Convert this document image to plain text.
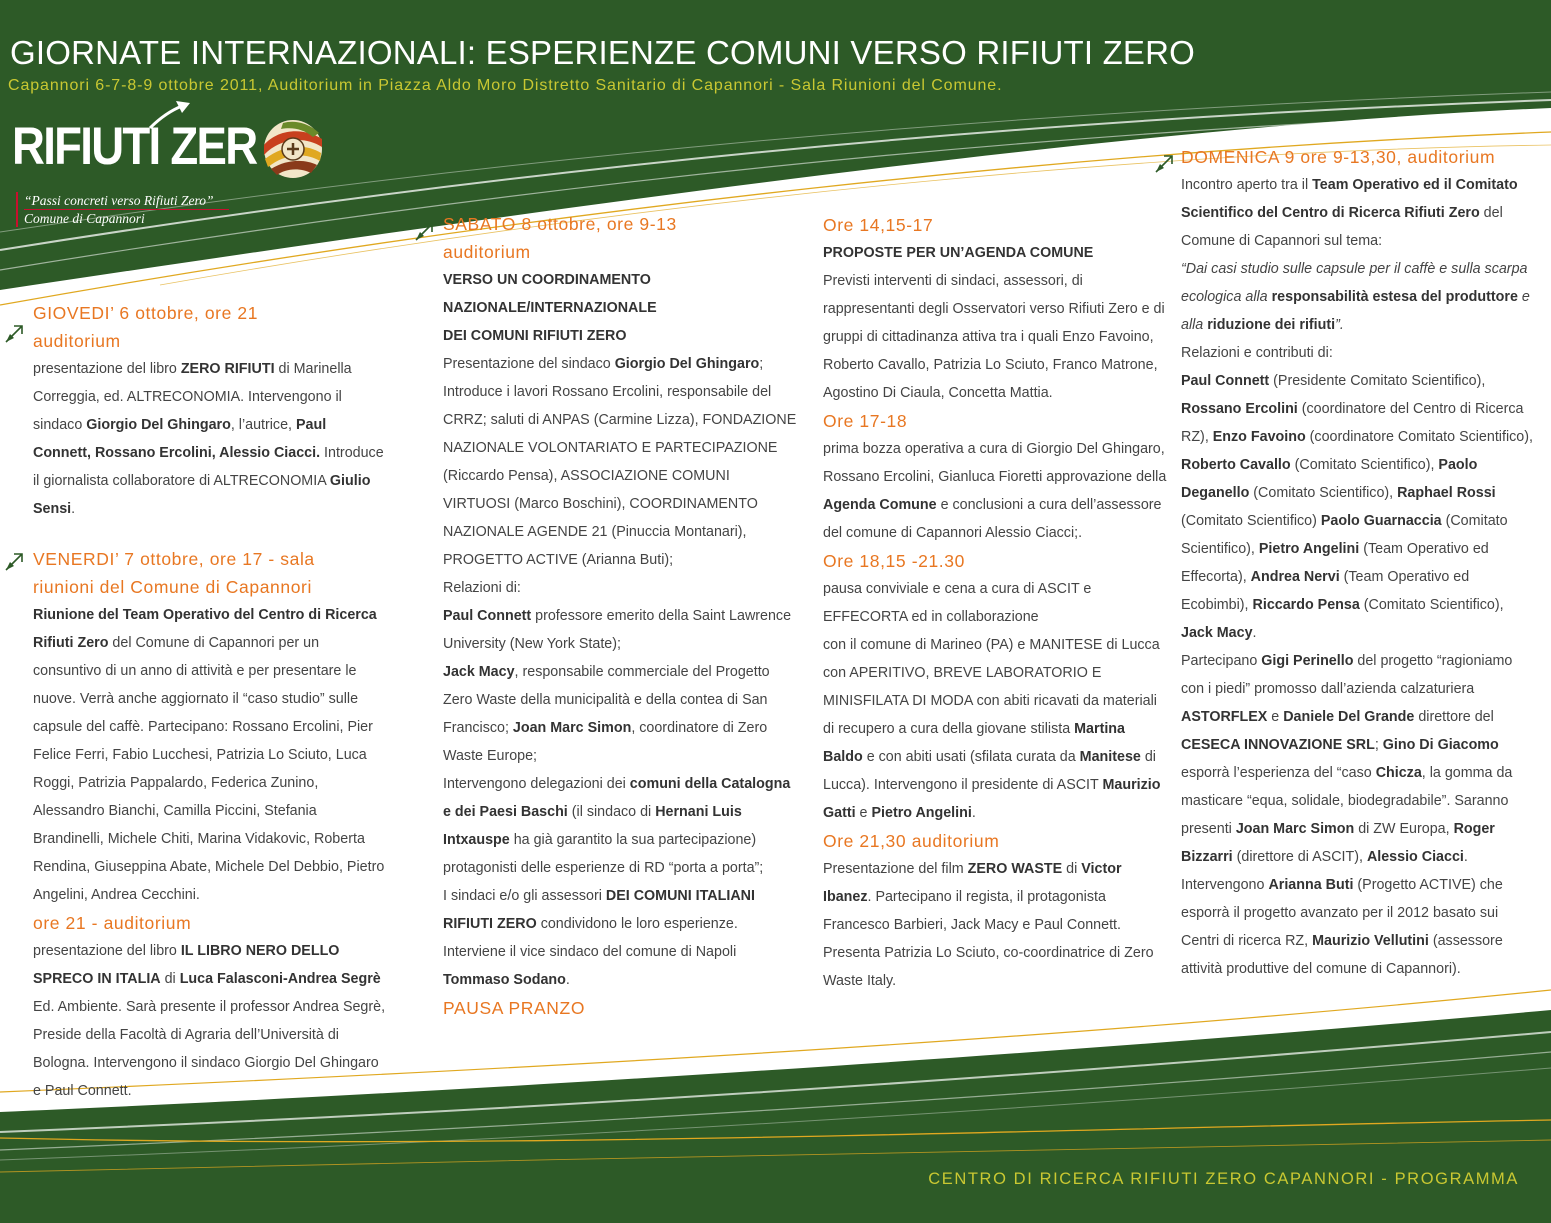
GIORNATE INTERNAZIONALI: ESPERIENZE COMUNI VERSO RIFIUTI ZERO
Capannori 6-7-8-9 ottobre 2011, Auditorium in Piazza Aldo Moro Distretto Sanitario di Capannori - Sala Riunioni del Comune.
RIFIUTI ZER
“Passi concreti verso Rifiuti Zero”
Comune di Capannori

GIOVEDI’ 6 ottobre, ore 21

auditorium

presentazione del libro ZERO RIFIUTI di Marinella Correggia, ed. ALTRECONOMIA. Intervengono il sindaco Giorgio Del Ghingaro, l’autrice, Paul Connett, Rossano Ercolini, Alessio Ciacci. Introduce il giornalista collaboratore di ALTRECONOMIA Giulio Sensi.

VENERDI’ 7 ottobre, ore 17 - sala

riunioni del Comune di Capannori

Riunione del Team Operativo del Centro di Ricerca Rifiuti Zero del Comune di Capannori per un consuntivo di un anno di attività e per presentare le nuove. Verrà anche aggiornato il “caso studio” sulle capsule del caffè. Partecipano: Rossano Ercolini, Pier Felice Ferri, Fabio Lucchesi, Patrizia Lo Sciuto, Luca Roggi, Patrizia Pappalardo, Federica Zunino, Alessandro Bianchi, Camilla Piccini, Stefania Brandinelli, Michele Chiti, Marina Vidakovic, Roberta Rendina, Giuseppina Abate, Michele Del Debbio, Pietro Angelini, Andrea Cecchini.

ore 21 - auditorium

presentazione del libro IL LIBRO NERO DELLO SPRECO IN ITALIA di Luca Falasconi-Andrea Segrè Ed. Ambiente. Sarà presente il professor Andrea Segrè, Preside della Facoltà di Agraria dell’Università di Bologna. Intervengono il sindaco Giorgio Del Ghingaro e Paul Connett.

SABATO 8 ottobre, ore 9-13

auditorium

VERSO UN COORDINAMENTO

NAZIONALE/INTERNAZIONALE

DEI COMUNI RIFIUTI ZERO

Presentazione del sindaco Giorgio Del Ghingaro; Introduce i lavori Rossano Ercolini, responsabile del CRRZ; saluti di ANPAS (Carmine Lizza), FONDAZIONE NAZIONALE VOLONTARIATO E PARTECIPAZIONE (Riccardo Pensa), ASSOCIAZIONE COMUNI VIRTUOSI (Marco Boschini), COORDINAMENTO NAZIONALE AGENDE 21 (Pinuccia Montanari), PROGETTO ACTIVE (Arianna Buti);
Relazioni di:
Paul Connett professore emerito della Saint Lawrence University (New York State);
Jack Macy, responsabile commerciale del Progetto Zero Waste della municipalità e della contea di San Francisco; Joan Marc Simon, coordinatore di Zero Waste Europe;
Intervengono delegazioni dei comuni della Catalogna e dei Paesi Baschi (il sindaco di Hernani Luis Intxauspe ha già garantito la sua partecipazione) protagonisti delle esperienze di RD “porta a porta”;
I sindaci e/o gli assessori DEI COMUNI ITALIANI RIFIUTI ZERO condividono le loro esperienze. Interviene il vice sindaco del comune di Napoli Tommaso Sodano.

PAUSA PRANZO

Ore 14,15-17

PROPOSTE PER UN’AGENDA COMUNE

Previsti interventi di sindaci, assessori, di rappresentanti degli Osservatori verso Rifiuti Zero e di gruppi di cittadinanza attiva tra i quali Enzo Favoino, Roberto Cavallo, Patrizia Lo Sciuto, Franco Matrone, Agostino Di Ciaula, Concetta Mattia.

Ore 17-18

prima bozza operativa a cura di Giorgio Del Ghingaro, Rossano Ercolini, Gianluca Fioretti approvazione della Agenda Comune e conclusioni a cura dell’assessore del comune di Capannori Alessio Ciacci;.

Ore 18,15 -21.30

pausa conviviale e cena a cura di ASCIT e EFFECORTA ed in collaborazione
con il comune di Marineo (PA) e MANITESE di Lucca con APERITIVO, BREVE LABORATORIO E MINISFILATA DI MODA con abiti ricavati da materiali di recupero a cura della giovane stilista Martina Baldo e con abiti usati (sfilata curata da Manitese di Lucca). Intervengono il presidente di ASCIT Maurizio Gatti e Pietro Angelini.

Ore 21,30 auditorium

Presentazione del film ZERO WASTE di Victor Ibanez. Partecipano il regista, il protagonista Francesco Barbieri, Jack Macy e Paul Connett. Presenta Patrizia Lo Sciuto, co-coordinatrice di Zero Waste Italy.

DOMENICA 9 ore 9-13,30, auditorium

Incontro aperto tra il Team Operativo ed il Comitato Scientifico del Centro di Ricerca Rifiuti Zero del Comune di Capannori sul tema:
“Dai casi studio sulle capsule per il caffè e sulla scarpa ecologica alla responsabilità estesa del produttore e alla riduzione dei rifiuti”.
Relazioni e contributi di:
Paul Connett (Presidente Comitato Scientifico), Rossano Ercolini (coordinatore del Centro di Ricerca RZ), Enzo Favoino (coordinatore Comitato Scientifico), Roberto Cavallo (Comitato Scientifico), Paolo Deganello (Comitato Scientifico), Raphael Rossi (Comitato Scientifico) Paolo Guarnaccia (Comitato Scientifico), Pietro Angelini (Team Operativo ed Effecorta), Andrea Nervi (Team Operativo ed Ecobimbi), Riccardo Pensa (Comitato Scientifico), Jack Macy.
Partecipano Gigi Perinello del progetto “ragioniamo con i piedi” promosso dall’azienda calzaturiera ASTORFLEX e Daniele Del Grande direttore del CESECA INNOVAZIONE SRL; Gino Di Giacomo esporrà l’esperienza del “caso Chicza, la gomma da masticare “equa, solidale, biodegradabile”. Saranno presenti Joan Marc Simon di ZW Europa, Roger Bizzarri (direttore di ASCIT), Alessio Ciacci.
Intervengono Arianna Buti (Progetto ACTIVE) che esporrà il progetto avanzato per il 2012 basato sui Centri di ricerca RZ, Maurizio Vellutini (assessore attività produttive del comune di Capannori).

CENTRO DI RICERCA RIFIUTI ZERO CAPANNORI - PROGRAMMA
